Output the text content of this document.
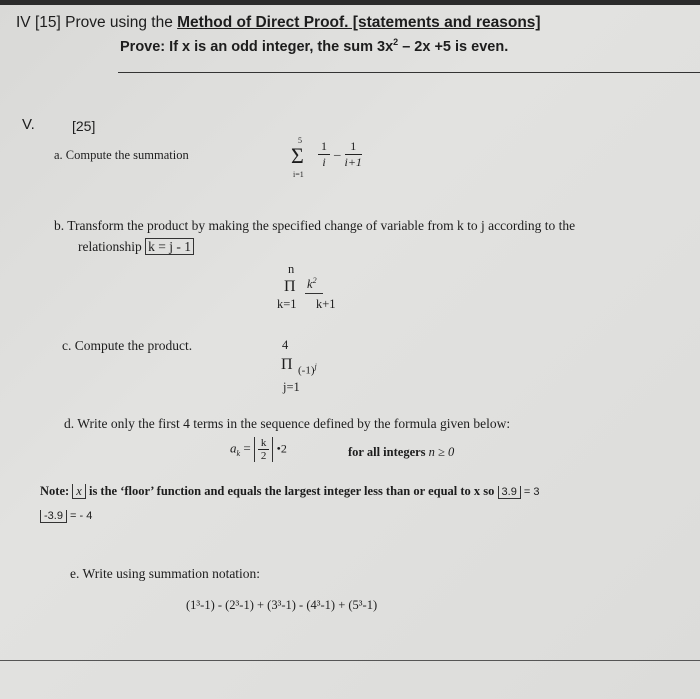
IV [15] Prove using the Method of Direct Proof. [statements and reasons]
Prove: If x is an odd integer, the sum $3x^2 - 2x +5$ is even.
V.	[25]
a. Compute the summation
5
Σ
i=1
$\frac{1}{i} - \frac{1}{i+1}$
b. Transform the product by making the specified change of variable from k to j according to the
relationship k = j - 1
n
Π $k^2$
k=1 k+1
c. Compute the product.	4
Π $(-1)^j$
j=1
d. Write only the first 4 terms in the sequence defined by the formula given below:
$a_k = \frac{k}{2}$ •2	for all integers n ≥ 0
Note: x is the ‘floor’ function and equals the largest integer less than or equal to x so 3.9 = 3
-3.9 = - 4
e. Write using summation notation:
(1³-1) - (2³-1) + (3³-1) - (4³-1) + (5³-1)
